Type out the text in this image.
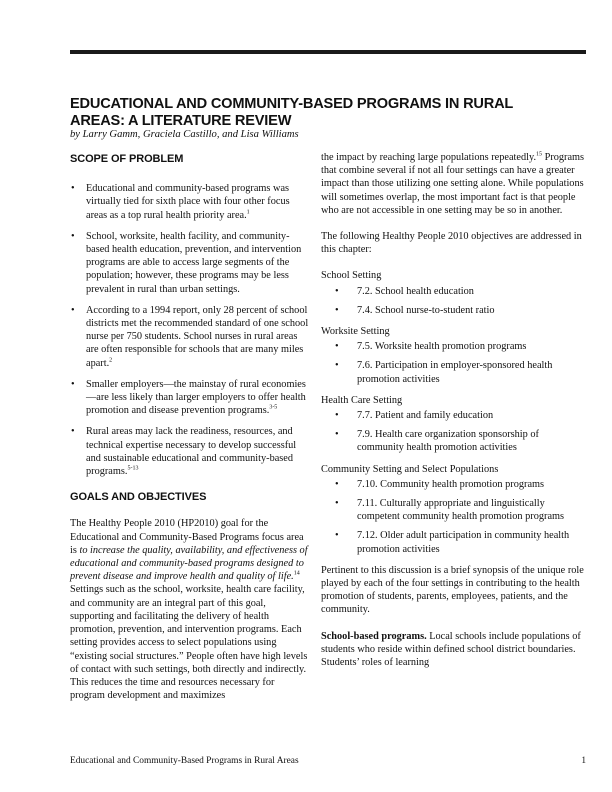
EDUCATIONAL AND COMMUNITY-BASED PROGRAMS IN RURAL AREAS: A LITERATURE REVIEW
by Larry Gamm, Graciela Castillo, and Lisa Williams
SCOPE OF PROBLEM
• Educational and community-based programs was virtually tied for sixth place with four other focus areas as a top rural health priority area.$^1$
• School, worksite, health facility, and community-based health education, prevention, and intervention programs are able to access large segments of the population; however, these programs may be less prevalent in rural than urban settings.
• According to a 1994 report, only 28 percent of school districts met the recommended standard of one school nurse per 750 students. School nurses in rural areas are often responsible for schools that are many miles apart.$^2$
• Smaller employers—the mainstay of rural economies—are less likely than larger employers to offer health promotion and disease prevention programs.$^{3-5}$
• Rural areas may lack the readiness, resources, and technical expertise necessary to develop successful and sustainable educational and community-based programs.$^{5-13}$
GOALS AND OBJECTIVES

The Healthy People 2010 (HP2010) goal for the Educational and Community-Based Programs focus area is to increase the quality, availability, and effectiveness of educational and community-based programs designed to prevent disease and improve health and quality of life.$^{14}$ Settings such as the school, worksite, health care facility, and community are an integral part of this goal, supporting and facilitating the delivery of health promotion, prevention, and intervention programs. Each setting provides access to select populations using “existing social structures.” People often have high levels of contact with such settings, both directly and indirectly. This reduces the time and resources necessary for program development and maximizes

the impact by reaching large populations repeatedly.$^{15}$ Programs that combine several if not all four settings can have a greater impact than those utilizing one setting alone. While populations will sometimes overlap, the most important fact is that people who are not accessible in one setting may be so in another.

The following Healthy People 2010 objectives are addressed in this chapter:

School Setting
• 7.2. School health education
• 7.4. School nurse-to-student ratio
Worksite Setting
• 7.5. Worksite health promotion programs
• 7.6. Participation in employer-sponsored health promotion activities
Health Care Setting
• 7.7. Patient and family education
• 7.9. Health care organization sponsorship of community health promotion activities
Community Setting and Select Populations
• 7.10. Community health promotion programs
• 7.11. Culturally appropriate and linguistically competent community health promotion programs
• 7.12. Older adult participation in community health promotion activities

Pertinent to this discussion is a brief synopsis of the unique role played by each of the four settings in contributing to the health promotion of students, parents, employees, patients, and the community.

School-based programs. Local schools include populations of students who reside within defined school district boundaries. Students’ roles of learning

Educational and Community-Based Programs in Rural Areas	1
